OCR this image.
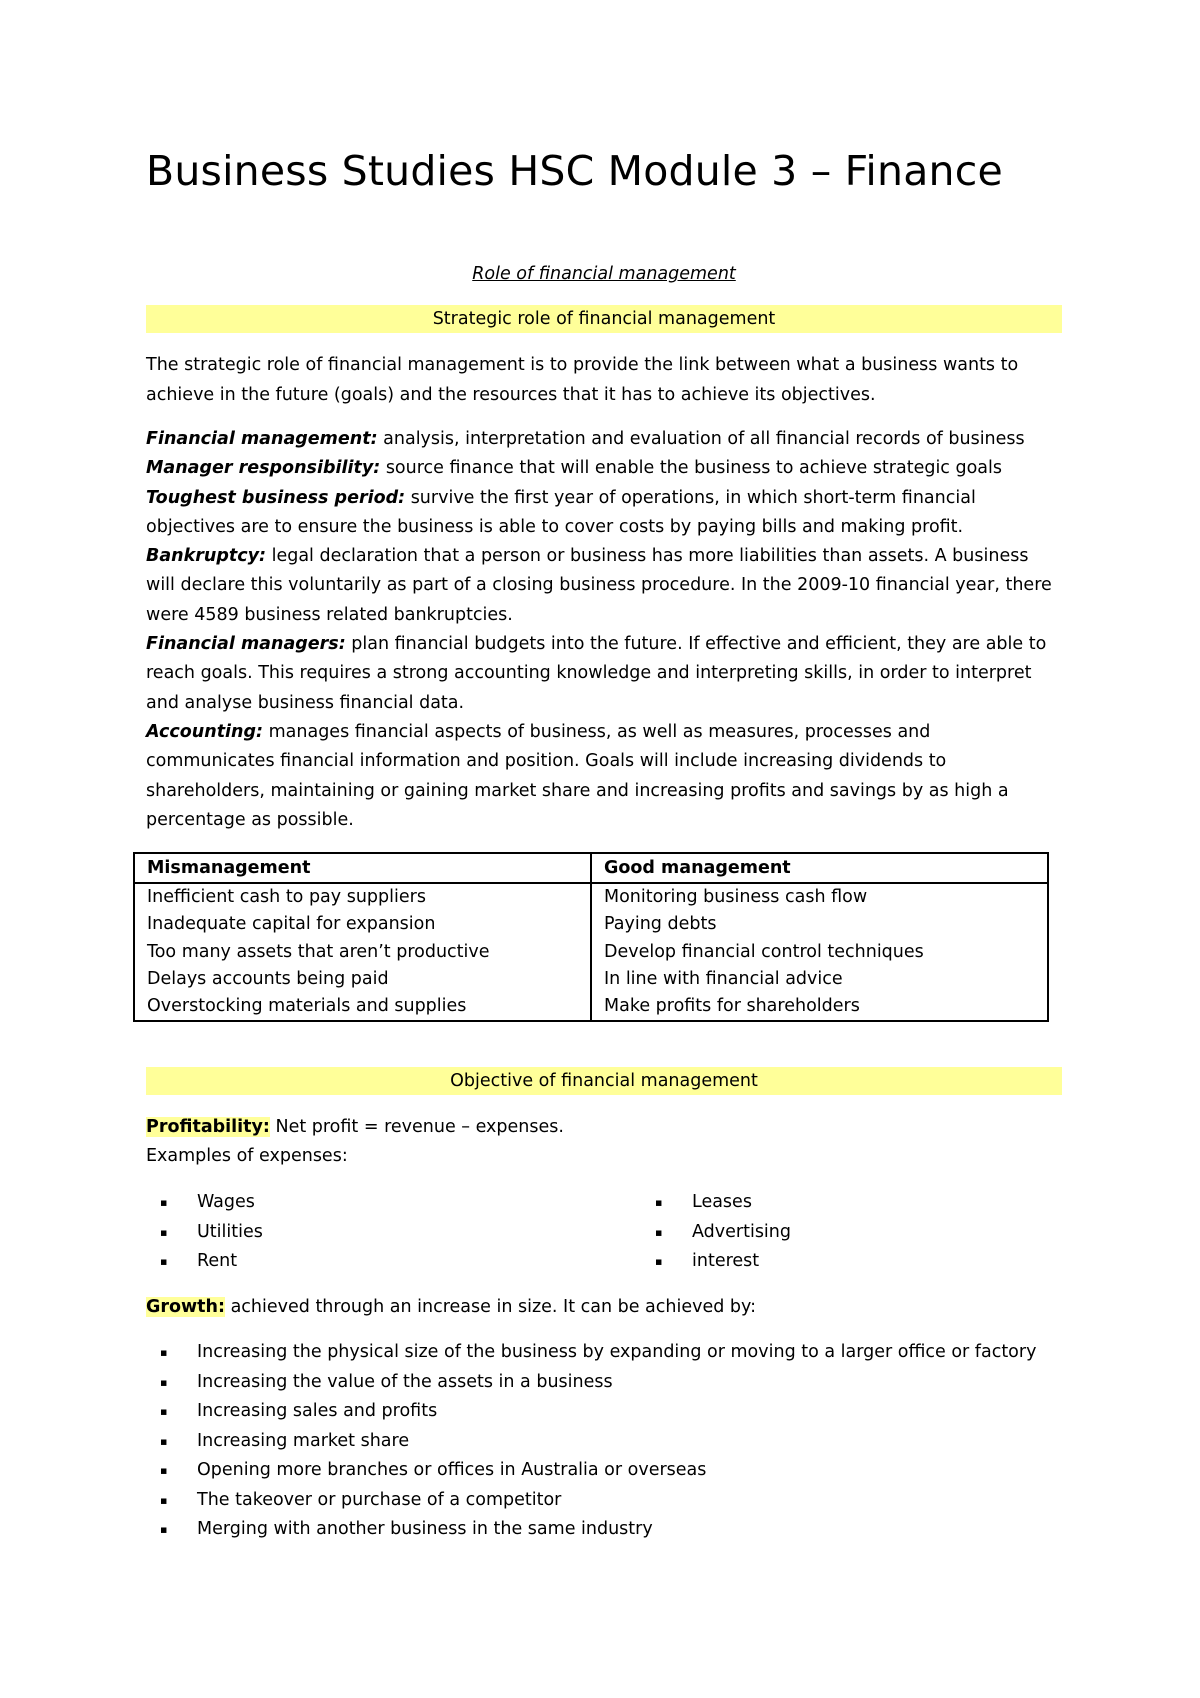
Business Studies HSC Module 3 – Finance
Role of financial management
Strategic role of financial management

The strategic role of financial management is to provide the link between what a business wants to achieve in the future (goals) and the resources that it has to achieve its objectives.

Financial management: analysis, interpretation and evaluation of all financial records of business
Manager responsibility: source finance that will enable the business to achieve strategic goals
Toughest business period: survive the first year of operations, in which short-term financial objectives are to ensure the business is able to cover costs by paying bills and making profit.
Bankruptcy: legal declaration that a person or business has more liabilities than assets. A business will declare this voluntarily as part of a closing business procedure. In the 2009-10 financial year, there were 4589 business related bankruptcies.
Financial managers: plan financial budgets into the future. If effective and efficient, they are able to reach goals. This requires a strong accounting knowledge and interpreting skills, in order to interpret and analyse business financial data.
Accounting: manages financial aspects of business, as well as measures, processes and communicates financial information and position. Goals will include increasing dividends to shareholders, maintaining or gaining market share and increasing profits and savings by as high a percentage as possible.
Mismanagement	Good management
Inefficient cash to pay suppliers	Monitoring business cash flow
Inadequate capital for expansion	Paying debts
Too many assets that aren’t productive	Develop financial control techniques
Delays accounts being paid	In line with financial advice
Overstocking materials and supplies	Make profits for shareholders
Objective of financial management
Profitability: Net profit = revenue – expenses.
Examples of expenses:
▪ Wages
▪ Utilities
▪ Rent
▪ Leases
▪ Advertising
▪ interest
Growth: achieved through an increase in size. It can be achieved by:
▪ Increasing the physical size of the business by expanding or moving to a larger office or factory
▪ Increasing the value of the assets in a business
▪ Increasing sales and profits
▪ Increasing market share
▪ Opening more branches or offices in Australia or overseas
▪ The takeover or purchase of a competitor
▪ Merging with another business in the same industry
